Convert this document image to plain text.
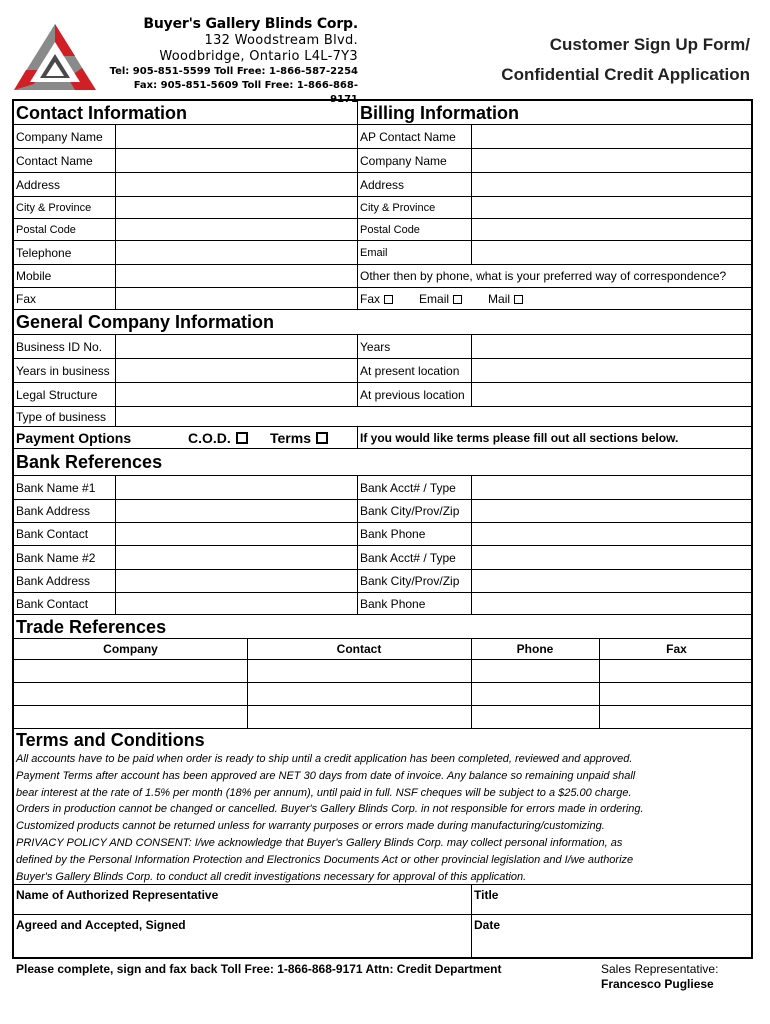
Buyer's Gallery Blinds Corp.
132 Woodstream Blvd.
Woodbridge, Ontario L4L-7Y3
Tel: 905-851-5599 Toll Free: 1-866-587-2254
Fax: 905-851-5609 Toll Free: 1-866-868-9171
Customer Sign Up Form/
Confidential Credit Application
Contact Information	Billing Information
Company Name	AP Contact Name
Contact Name	Company Name
Address	Address
City & Province	City & Province
Postal Code	Postal Code
Telephone	Email
Mobile	Other then by phone, what is your preferred way of correspondence?
Fax	Fax	Email	Mail
General Company Information
Business ID No.	Years
Years in business	At present location
Legal Structure	At previous location
Type of business
Payment Options	C.O.D.	Terms	If you would like terms please fill out all sections below.
Bank References
Bank Name #1	Bank Acct# / Type
Bank Address	Bank City/Prov/Zip
Bank Contact	Bank Phone
Bank Name #2	Bank Acct# / Type
Bank Address	Bank City/Prov/Zip
Bank Contact	Bank Phone
Trade References
Company	Contact	Phone	Fax
Terms and Conditions
All accounts have to be paid when order is ready to ship until a credit application has been completed, reviewed and approved.
Payment Terms after account has been approved are NET 30 days from date of invoice. Any balance so remaining unpaid shall
bear interest at the rate of 1.5% per month (18% per annum), until paid in full. NSF cheques will be subject to a $25.00 charge.
Orders in production cannot be changed or cancelled. Buyer's Gallery Blinds Corp. in not responsible for errors made in ordering.
Customized products cannot be returned unless for warranty purposes or errors made during manufacturing/customizing.
PRIVACY POLICY AND CONSENT: I/we acknowledge that Buyer's Gallery Blinds Corp. may collect personal information, as
defined by the Personal Information Protection and Electronics Documents Act or other provincial legislation and I/we authorize
Buyer's Gallery Blinds Corp. to conduct all credit investigations necessary for approval of this application.
Name of Authorized Representative	Title
Agreed and Accepted, Signed	Date
Please complete, sign and fax back Toll Free: 1-866-868-9171 Attn: Credit Department	Sales Representative:
Francesco Pugliese
